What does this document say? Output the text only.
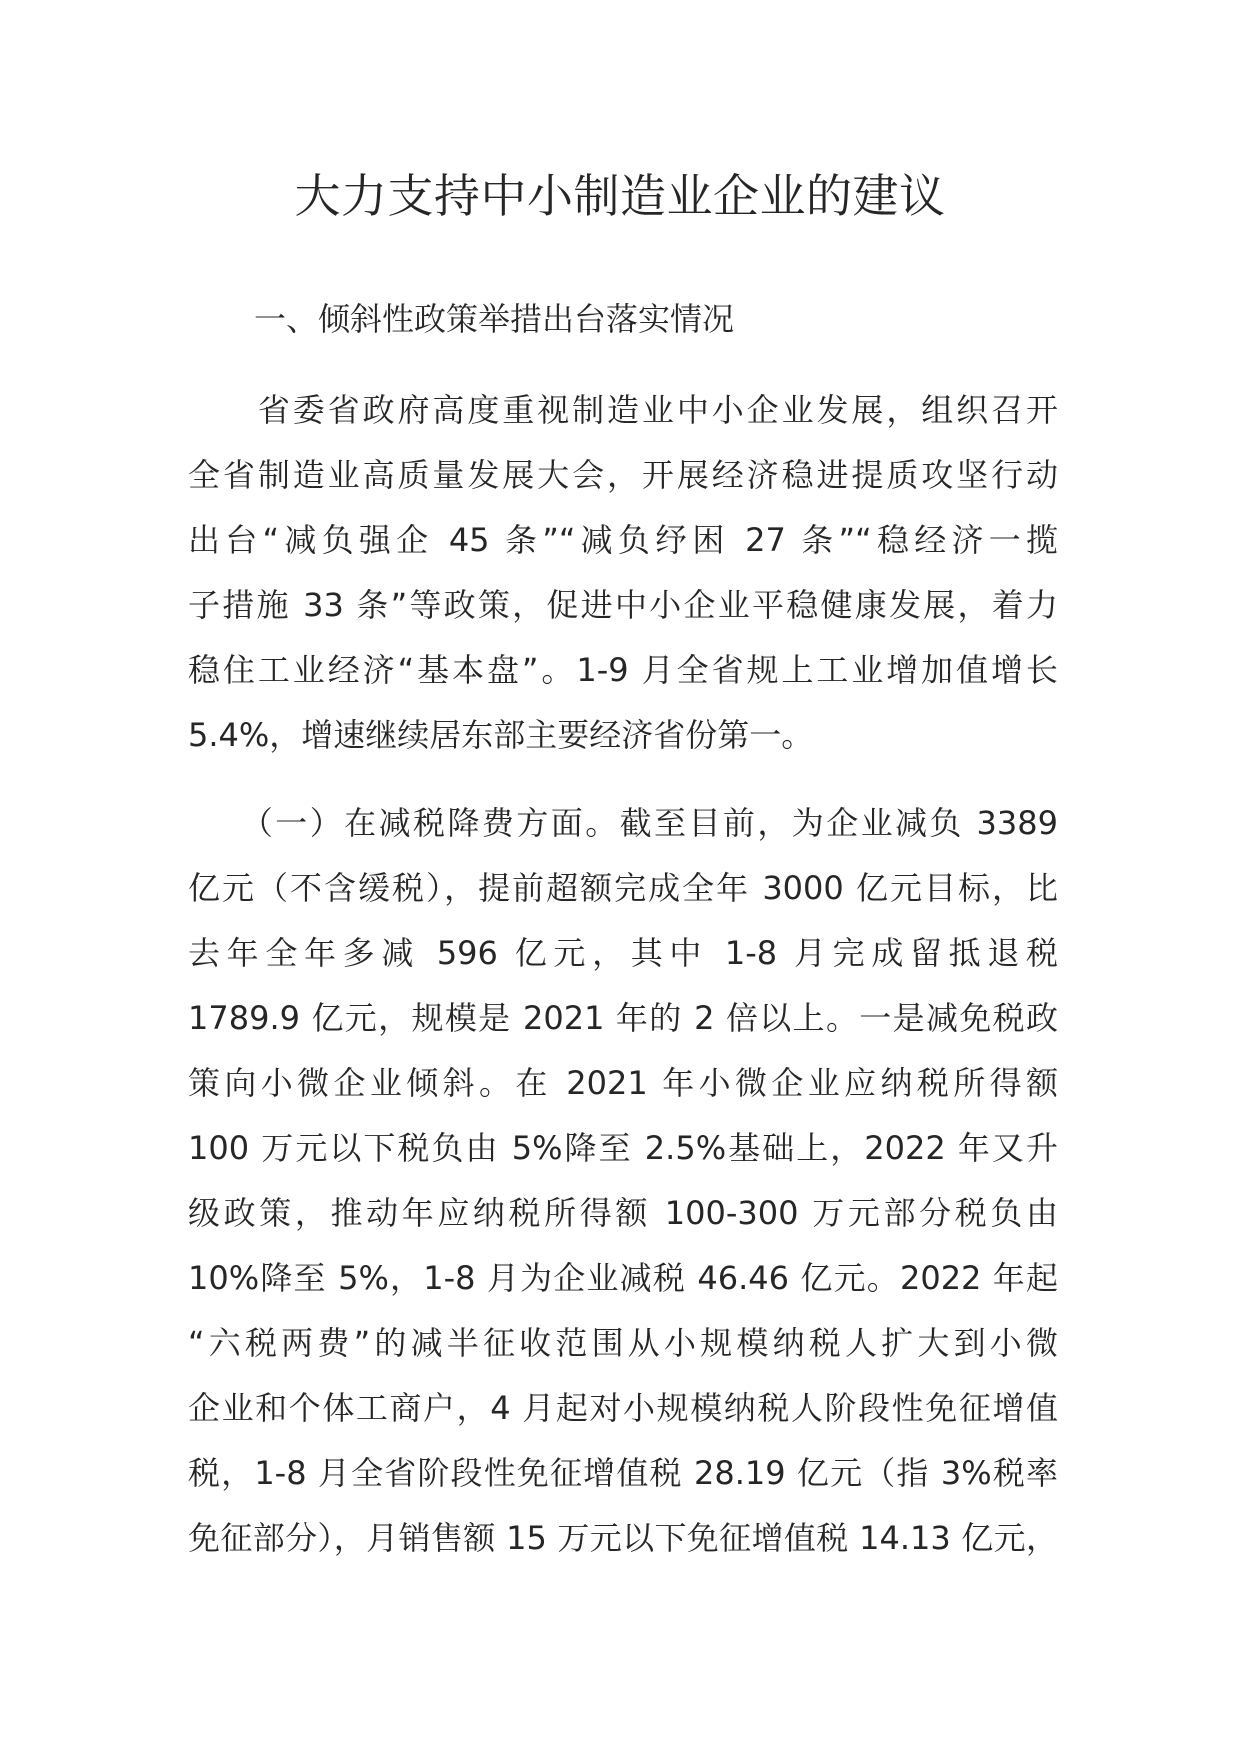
大力支持中小制造业企业的建议
一、倾斜性政策举措出台落实情况
　　省委省政府高度重视制造业中小企业发展，组织召开
全省制造业高质量发展大会，开展经济稳进提质攻坚行动
出台“减负强企 45 条”“减负纾困 27 条”“稳经济一揽
子措施 33 条”等政策，促进中小企业平稳健康发展，着力
稳住工业经济“基本盘”。1-9 月全省规上工业增加值增长
5.4%，增速继续居东部主要经济省份第一。
　　（一）在减税降费方面。截至目前，为企业减负 3389
亿元（不含缓税），提前超额完成全年 3000 亿元目标，比
去年全年多减 596 亿元，其中 1-8 月完成留抵退税
1789.9 亿元，规模是 2021 年的 2 倍以上。一是减免税政
策向小微企业倾斜。在 2021 年小微企业应纳税所得额
100 万元以下税负由 5%降至 2.5%基础上，2022 年又升
级政策，推动年应纳税所得额 100-300 万元部分税负由
10%降至 5%，1-8 月为企业减税 46.46 亿元。2022 年起
“六税两费”的减半征收范围从小规模纳税人扩大到小微
企业和个体工商户，4 月起对小规模纳税人阶段性免征增值
税，1-8 月全省阶段性免征增值税 28.19 亿元（指 3%税率
免征部分），月销售额 15 万元以下免征增值税 14.13 亿元，
